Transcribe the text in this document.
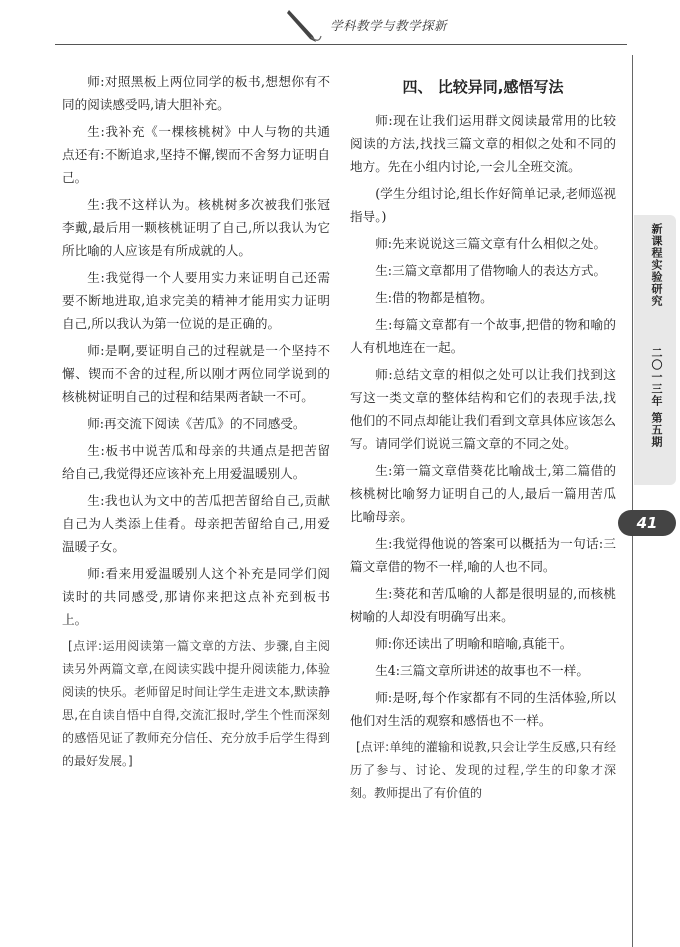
学科教学与教学探新

师:对照黑板上两位同学的板书,想想你有不同的阅读感受吗,请大胆补充。

生:我补充《一棵核桃树》中人与物的共通点还有:不断追求,坚持不懈,锲而不舍努力证明自己。

生:我不这样认为。核桃树多次被我们张冠李戴,最后用一颗核桃证明了自己,所以我认为它所比喻的人应该是有所成就的人。

生:我觉得一个人要用实力来证明自己还需要不断地进取,追求完美的精神才能用实力证明自己,所以我认为第一位说的是正确的。

师:是啊,要证明自己的过程就是一个坚持不懈、锲而不舍的过程,所以刚才两位同学说到的核桃树证明自己的过程和结果两者缺一不可。

师:再交流下阅读《苦瓜》的不同感受。

生:板书中说苦瓜和母亲的共通点是把苦留给自己,我觉得还应该补充上用爱温暖别人。

生:我也认为文中的苦瓜把苦留给自己,贡献自己为人类添上佳肴。母亲把苦留给自己,用爱温暖子女。

师:看来用爱温暖别人这个补充是同学们阅读时的共同感受,那请你来把这点补充到板书上。

[点评:运用阅读第一篇文章的方法、步骤,自主阅读另外两篇文章,在阅读实践中提升阅读能力,体验阅读的快乐。老师留足时间让学生走进文本,默读静思,在自读自悟中自得,交流汇报时,学生个性而深刻的感悟见证了教师充分信任、充分放手后学生得到的最好发展。]
四、 比较异同,感悟写法

师:现在让我们运用群文阅读最常用的比较阅读的方法,找找三篇文章的相似之处和不同的地方。先在小组内讨论,一会儿全班交流。

(学生分组讨论,组长作好简单记录,老师巡视指导。)

师:先来说说这三篇文章有什么相似之处。

生:三篇文章都用了借物喻人的表达方式。

生:借的物都是植物。

生:每篇文章都有一个故事,把借的物和喻的人有机地连在一起。

师:总结文章的相似之处可以让我们找到这写这一类文章的整体结构和它们的表现手法,找他们的不同点却能让我们看到文章具体应该怎么写。请同学们说说三篇文章的不同之处。

生:第一篇文章借葵花比喻战士,第二篇借的核桃树比喻努力证明自己的人,最后一篇用苦瓜比喻母亲。

生:我觉得他说的答案可以概括为一句话:三篇文章借的物不一样,喻的人也不同。

生:葵花和苦瓜喻的人都是很明显的,而核桃树喻的人却没有明确写出来。

师:你还读出了明喻和暗喻,真能干。

生4:三篇文章所讲述的故事也不一样。

师:是呀,每个作家都有不同的生活体验,所以他们对生活的观察和感悟也不一样。

[点评:单纯的灌输和说教,只会让学生反感,只有经历了参与、讨论、发现的过程,学生的印象才深刻。教师提出了有价值的
新课程实验研究
二〇一三年 第五期
41
